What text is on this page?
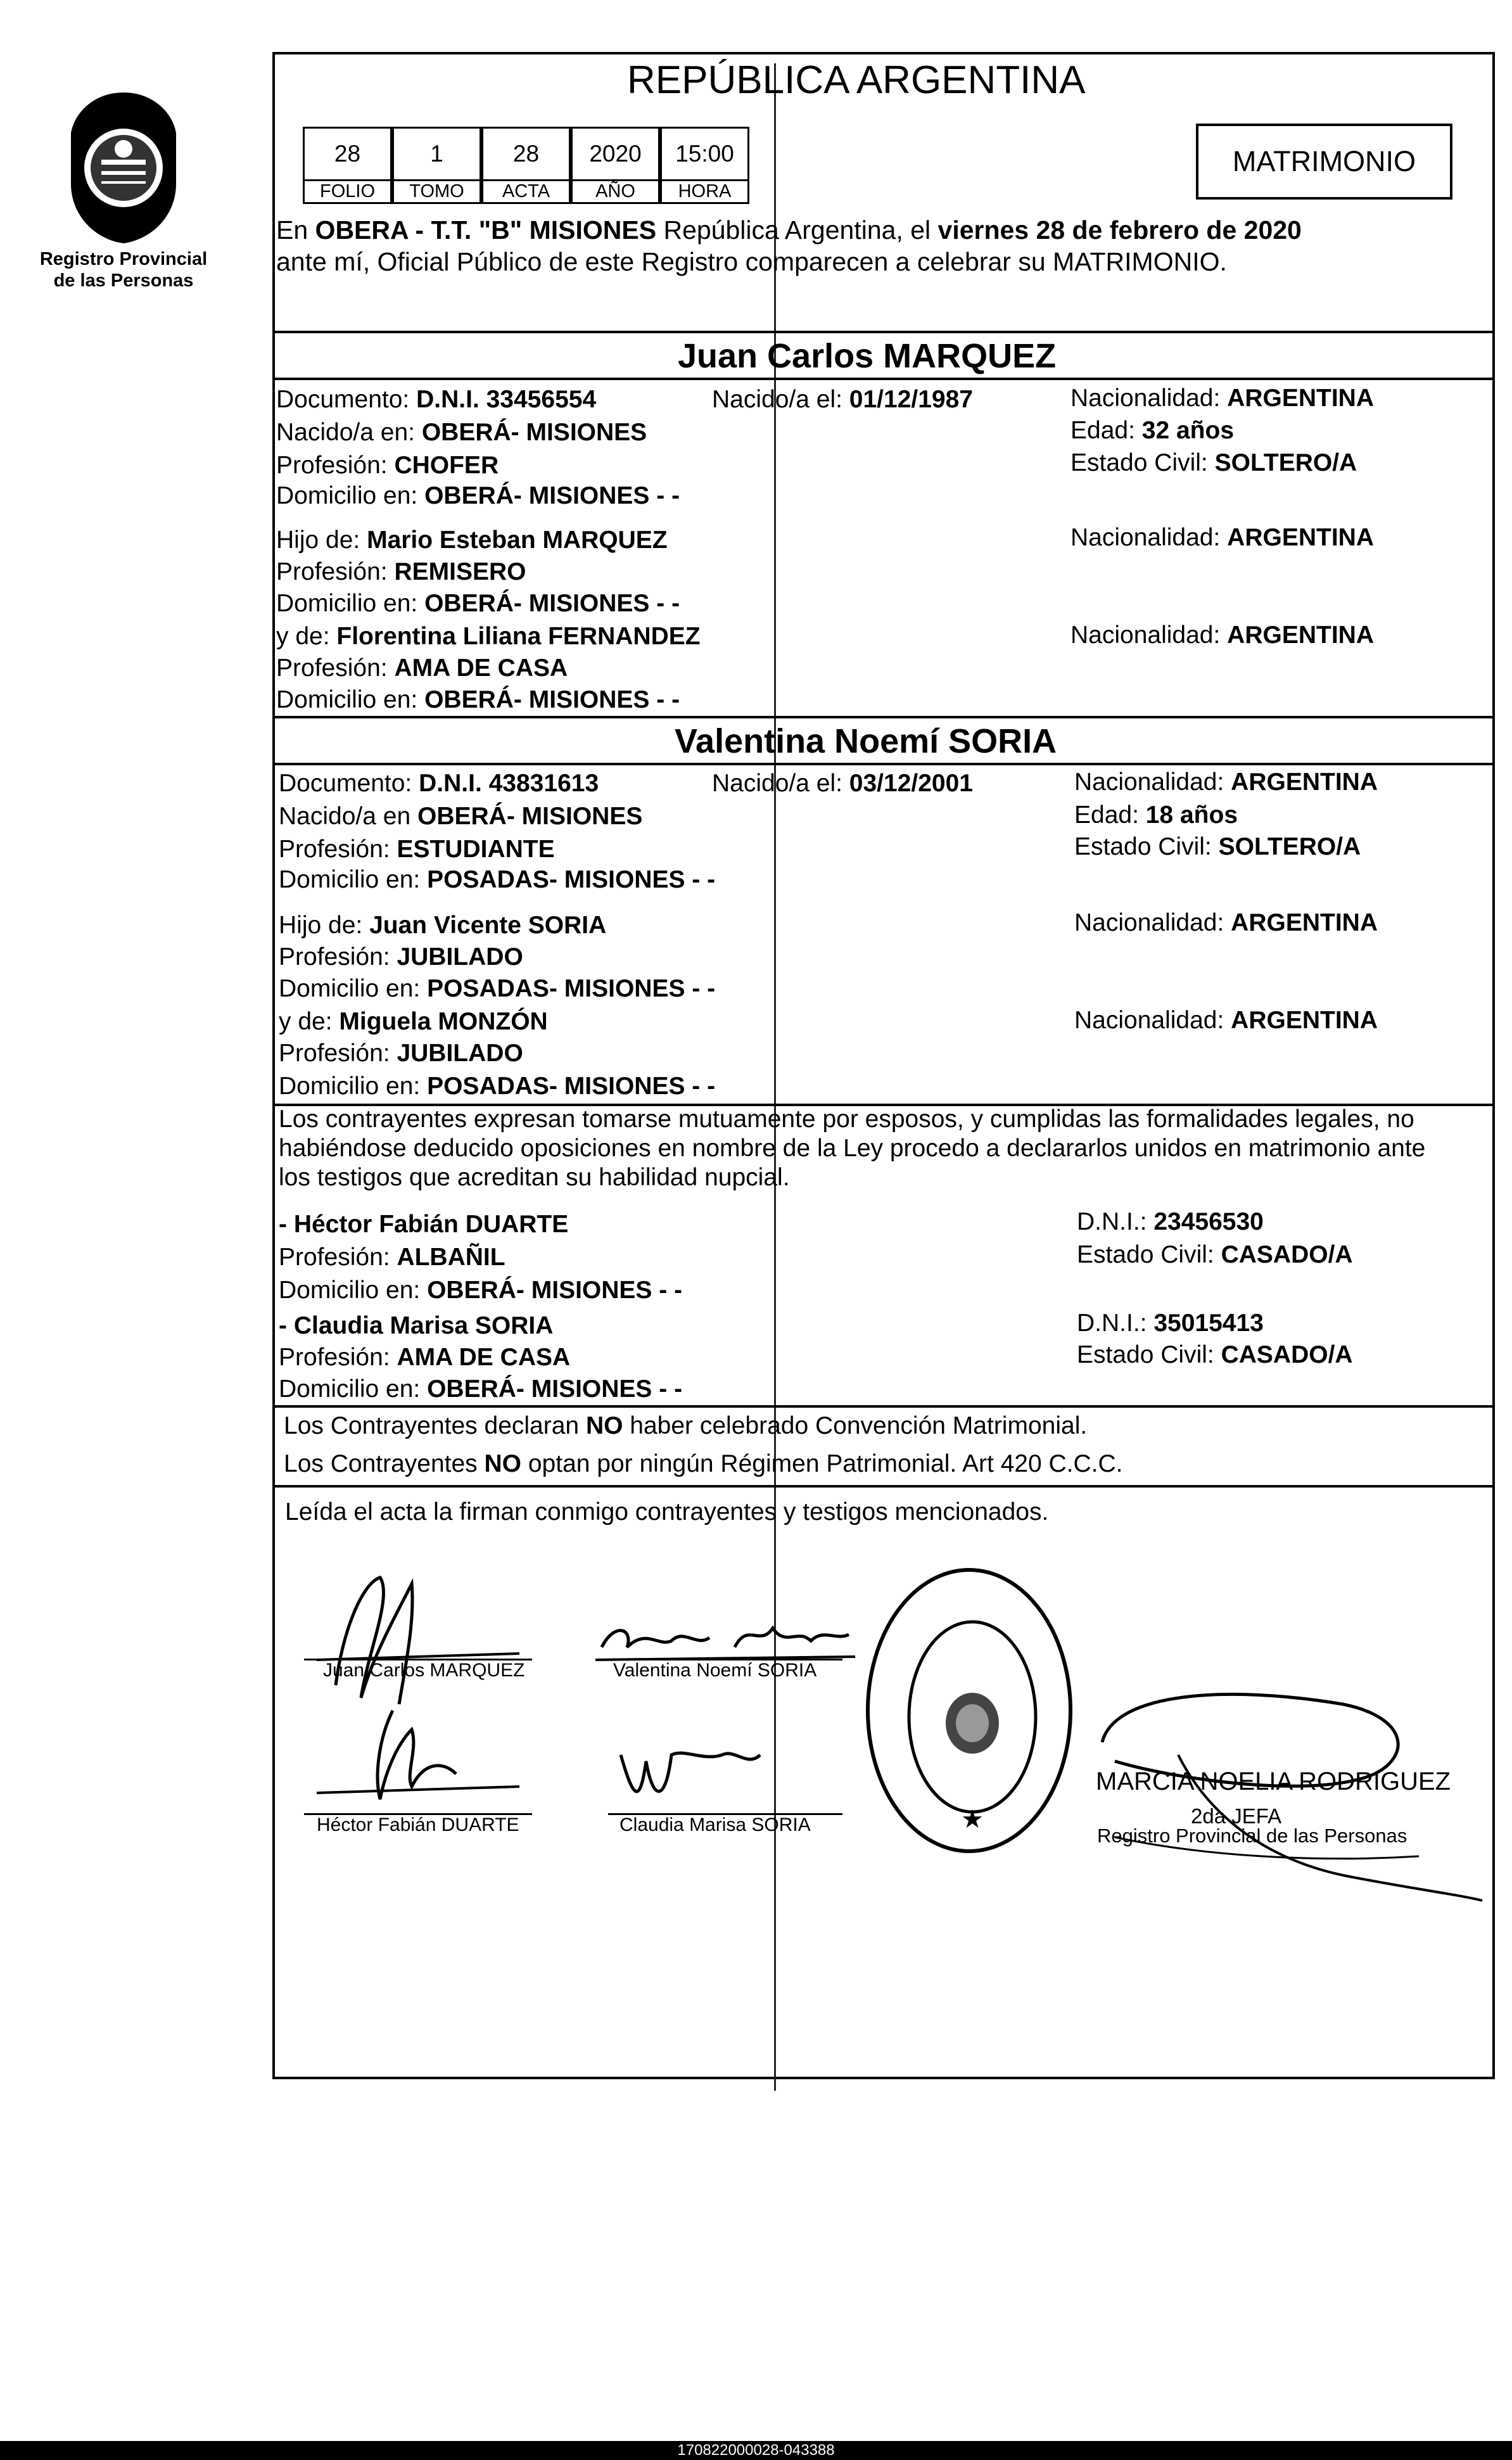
Registro Provincial
de las Personas
REPÚBLICA ARGENTINA
28	1	28	2020	15:00
FOLIO	TOMO	ACTA	AÑO	HORA
MATRIMONIO
En OBERA - T.T. "B" MISIONES República Argentina, el viernes 28 de febrero de 2020
ante mí, Oficial Público de este Registro comparecen a celebrar su MATRIMONIO.
Juan Carlos MARQUEZ
Documento: D.N.I. 33456554	Nacido/a el: 01/12/1987	Nacionalidad: ARGENTINA
Nacido/a en: OBERÁ- MISIONES	Edad: 32 años
Profesión: CHOFER	Estado Civil: SOLTERO/A
Domicilio en: OBERÁ- MISIONES - -
Hijo de: Mario Esteban MARQUEZ	Nacionalidad: ARGENTINA
Profesión: REMISERO
Domicilio en: OBERÁ- MISIONES - -
y de: Florentina Liliana FERNANDEZ	Nacionalidad: ARGENTINA
Profesión: AMA DE CASA
Domicilio en: OBERÁ- MISIONES - -
Valentina Noemí SORIA
Documento: D.N.I. 43831613	Nacido/a el: 03/12/2001	Nacionalidad: ARGENTINA
Nacido/a en OBERÁ- MISIONES	Edad: 18 años
Profesión: ESTUDIANTE	Estado Civil: SOLTERO/A
Domicilio en: POSADAS- MISIONES - -
Hijo de: Juan Vicente SORIA	Nacionalidad: ARGENTINA
Profesión: JUBILADO
Domicilio en: POSADAS- MISIONES - -
y de: Miguela MONZÓN	Nacionalidad: ARGENTINA
Profesión: JUBILADO
Domicilio en: POSADAS- MISIONES - -
Los contrayentes expresan tomarse mutuamente por esposos, y cumplidas las formalidades legales, no
habiéndose deducido oposiciones en nombre de la Ley procedo a declararlos unidos en matrimonio ante
los testigos que acreditan su habilidad nupcial.
- Héctor Fabián DUARTE	D.N.I.: 23456530
Profesión: ALBAÑIL	Estado Civil: CASADO/A
Domicilio en: OBERÁ- MISIONES - -
- Claudia Marisa SORIA	D.N.I.: 35015413
Profesión: AMA DE CASA	Estado Civil: CASADO/A
Domicilio en: OBERÁ- MISIONES - -
Los Contrayentes declaran NO haber celebrado Convención Matrimonial.
Los Contrayentes NO optan por ningún Régimen Patrimonial. Art 420 C.C.C.
Leída el acta la firman conmigo contrayentes y testigos mencionados.
Juan Carlos MARQUEZ	Valentina Noemí SORIA
Héctor Fabián DUARTE	Claudia Marisa SORIA	★
MARCIA NOELIA RODRIGUEZ
2da JEFA
Registro Provincial de las Personas
170822000028-043388
